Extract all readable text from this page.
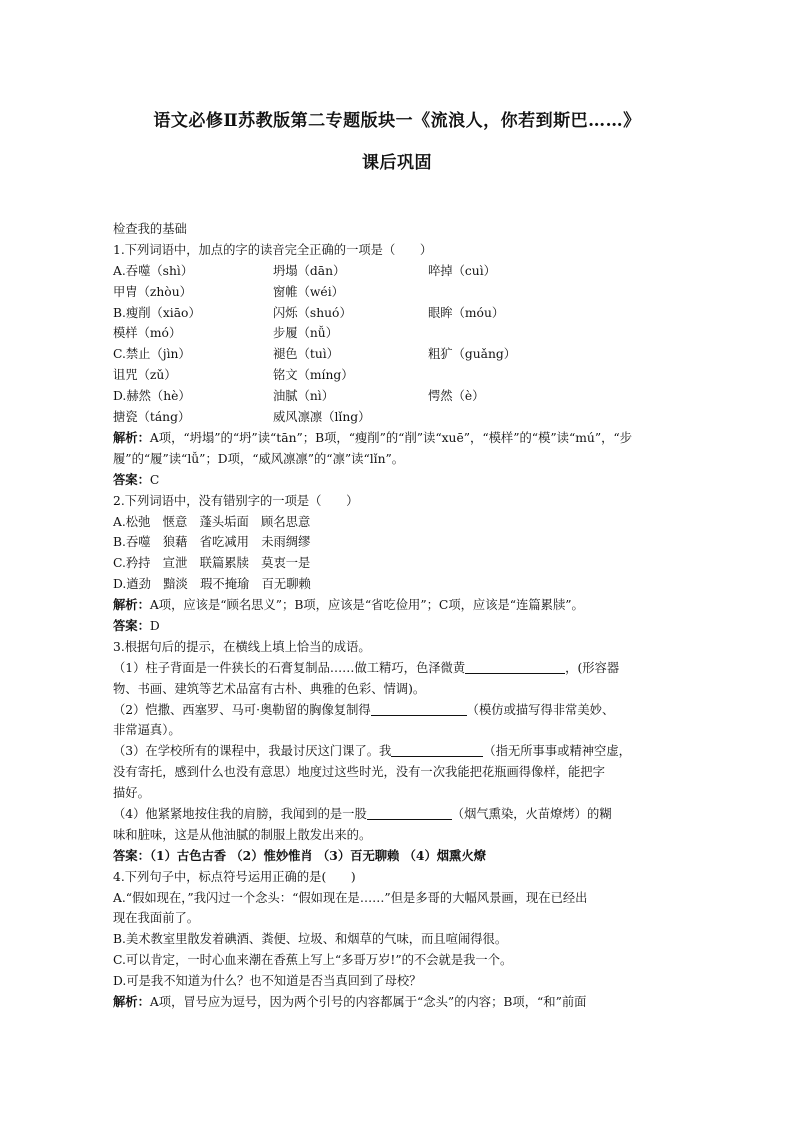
语文必修Ⅱ苏教版第二专题版块一《流浪人，你若到斯巴……》
课后巩固
检查我的基础
1.下列词语中，加点的字的读音完全正确的一项是（　　）
A.吞噬（shì）	坍塌（dān）	啐掉（cuì）
甲胄（zhòu）	窗帷（wéi）
B.瘦削（xiāo）	闪烁（shuó）	眼眸（móu）
模样（mó）	步履（nǚ）
C.禁止（jìn）	褪色（tuì）	粗犷（guǎng）
诅咒（zǔ）	铭文（míng）
D.赫然（hè）	油腻（nì）	愕然（è）
搪瓷（táng）	威风凛凛（lǐng）
解析：A项，“坍塌”的“坍”读“tān”；B项，“瘦削”的“削”读“xuē”，“模样”的“模”读“mú”，“步履”的“履”读“lǚ”；D项，“威风凛凛”的“凛”读“lǐn”。
答案：C
2.下列词语中，没有错别字的一项是（　　）
A.松弛　惬意　蓬头垢面　顾名思意
B.吞噬　狼藉　省吃减用　未雨绸缪
C.矜持　宣泄　联篇累牍　莫衷一是
D.遒劲　黯淡　瑕不掩瑜　百无聊赖
解析：A项，应该是“顾名思义”；B项，应该是“省吃俭用”；C项，应该是“连篇累牍”。
答案：D
3.根据句后的提示，在横线上填上恰当的成语。
（1）柱子背面是一件狭长的石膏复制品……做工精巧，色泽微黄	，(形容器
物、书画、建筑等艺术品富有古朴、典雅的色彩、情调)。
（2）恺撒、西塞罗、马可·奥勒留的胸像复制得	（模仿或描写得非常美妙、
非常逼真）。
（3）在学校所有的课程中，我最讨厌这门课了。我	（指无所事事或精神空虚，
没有寄托，感到什么也没有意思）地度过这些时光，没有一次我能把花瓶画得像样，能把字
描好。
（4）他紧紧地按住我的肩膀，我闻到的是一股	（烟气熏染，火苗燎烤）的糊
味和脏味，这是从他油腻的制服上散发出来的。
答案：（1）古色古香 （2）惟妙惟肖 （3）百无聊赖 （4）烟熏火燎
4.下列句子中，标点符号运用正确的是(　　)
A.“假如现在，”我闪过一个念头：“假如现在是……”但是多哥的大幅风景画，现在已经出
现在我面前了。
B.美术教室里散发着碘酒、粪便、垃圾、和烟草的气味，而且喧闹得很。
C.可以肯定，一时心血来潮在香蕉上写上“多哥万岁!”的不会就是我一个。
D.可是我不知道为什么？也不知道是否当真回到了母校？
解析：A项，冒号应为逗号，因为两个引号的内容都属于“念头”的内容；B项，“和”前面
